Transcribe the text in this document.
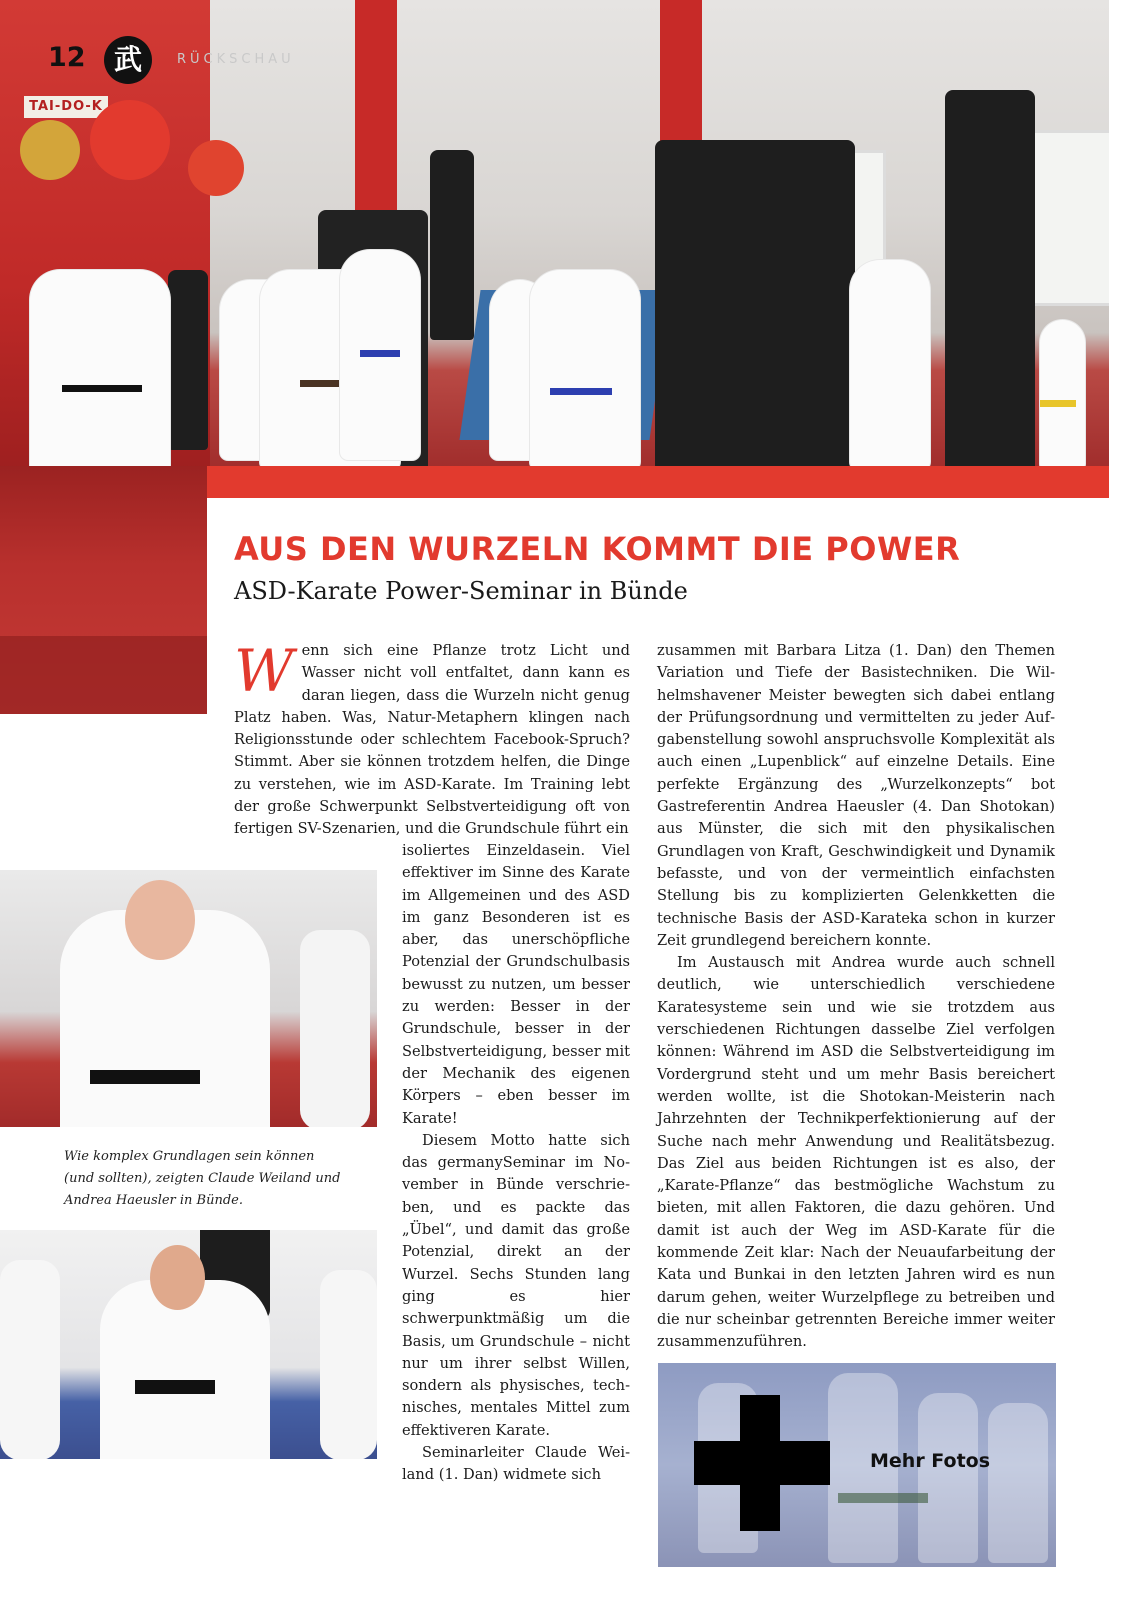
TAI-DO-K
12	武	RÜCKSCHAU
AUS DEN WURZELN KOMMT DIE POWER
ASD-Karate Power-Seminar in Bünde

Wenn sich eine Pflanze trotz Licht und Wasser nicht voll entfaltet, dann kann es daran liegen, dass die Wurzeln nicht genug Platz haben. Was, Natur-Metaphern klingen nach Religionsstunde oder schlechtem Facebook-Spruch? Stimmt. Aber sie können trotzdem helfen, die Dinge zu verstehen, wie im ASD-Karate. Im Training lebt der große Schwerpunkt Selbstverteidigung oft von fertigen SV-Szenarien, und die Grundschule führt ein

isoliertes Einzeldasein. Viel effektiver im Sinne des Karate im Allgemeinen und des ASD im ganz Besonderen ist es aber, das unerschöpfliche Potenzial der Grundschulbasis bewusst zu nutzen, um besser zu werden: Besser in der Grundschule, besser in der Selbstverteidigung, besser mit der Mechanik des eigenen Körpers – eben besser im Karate!

Diesem Motto hatte sich das germanySeminar im November in Bünde verschrieben, und es packte das „Übel“, und damit das große Potenzial, direkt an der Wurzel. Sechs Stunden lang ging es hier schwerpunktmäßig um die Basis, um Grundschule – nicht nur um ihrer selbst Willen, sondern als physisches, technisches, mentales Mittel zum effektiveren Karate.

Seminarleiter Claude Weiland (1. Dan) widmete sich

zusammen mit Barbara Litza (1. Dan) den Themen Variation und Tiefe der Basistechniken. Die Wilhelmshavener Meister bewegten sich dabei entlang der Prüfungsordnung und vermittelten zu jeder Aufgabenstellung sowohl anspruchsvolle Komplexität als auch einen „Lupenblick“ auf einzelne Details. Eine perfekte Ergänzung des „Wurzelkonzepts“ bot Gastreferentin Andrea Haeusler (4. Dan Shotokan) aus Münster, die sich mit den physikalischen Grundlagen von Kraft, Geschwindigkeit und Dynamik befasste, und von der vermeintlich einfachsten Stellung bis zu komplizierten Gelenkketten die technische Basis der ASD-Karateka schon in kurzer Zeit grundlegend bereichern konnte.

Im Austausch mit Andrea wurde auch schnell deutlich, wie unterschiedlich verschiedene Karatesysteme sein und wie sie trotzdem aus verschiedenen Richtungen dasselbe Ziel verfolgen können: Während im ASD die Selbstverteidigung im Vordergrund steht und um mehr Basis bereichert werden wollte, ist die Shotokan-Meisterin nach Jahrzehnten der Technikperfektionierung auf der Suche nach mehr Anwendung und Realitätsbezug. Das Ziel aus beiden Richtungen ist es also, der „Karate-Pflanze“ das bestmögliche Wachstum zu bieten, mit allen Faktoren, die dazu gehören. Und damit ist auch der Weg im ASD-Karate für die kommende Zeit klar: Nach der Neuaufarbeitung der Kata und Bunkai in den letzten Jahren wird es nun darum gehen, weiter Wurzelpflege zu betreiben und die nur scheinbar getrennten Bereiche immer weiter zusammenzuführen.

Wie komplex Grundlagen sein können (und sollten), zeigten Claude Weiland und Andrea Haeusler in Bünde.
Mehr Fotos
